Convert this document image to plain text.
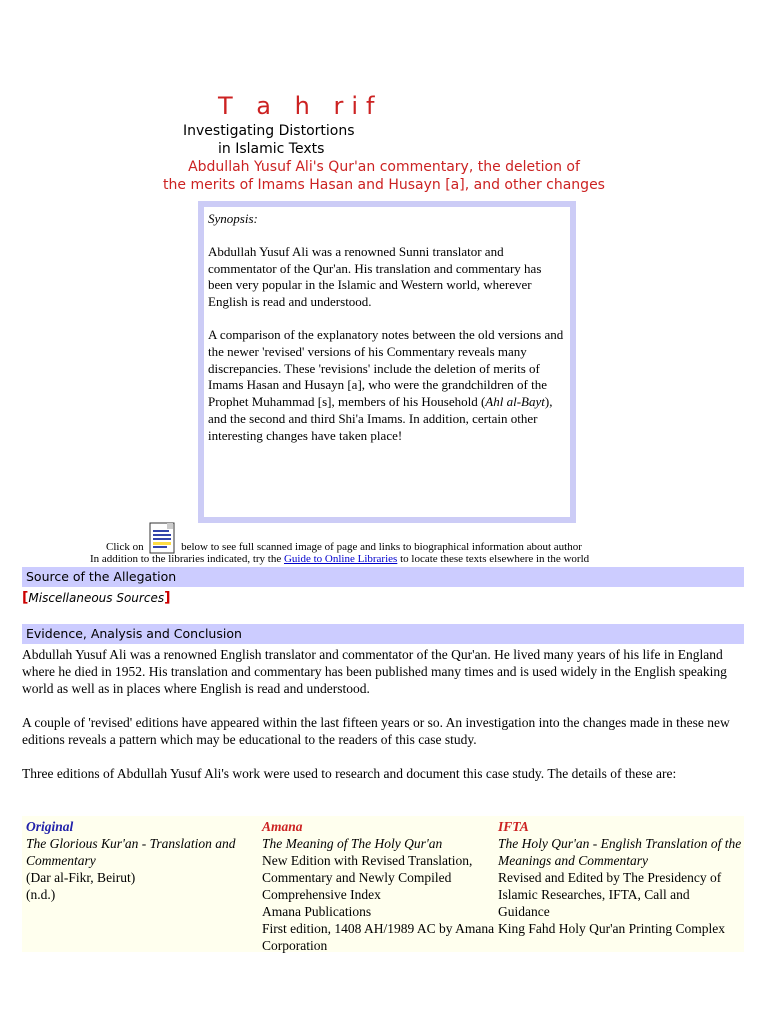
T a h rif

Investigating Distortions

in Islamic Texts

Abdullah Yusuf Ali's Qur'an commentary, the deletion of

the merits of Imams Hasan and Husayn [a], and other changes

Synopsis:

Abdullah Yusuf Ali was a renowned Sunni translator and commentator of the Qur'an. His translation and commentary has been very popular in the Islamic and Western world, wherever English is read and understood.

A comparison of the explanatory notes between the old versions and the newer 'revised' versions of his Commentary reveals many discrepancies. These 'revisions' include the deletion of merits of Imams Hasan and Husayn [a], who were the grandchildren of the Prophet Muhammad [s], members of his Household (Ahl al-Bayt), and the second and third Shi'a Imams. In addition, certain other interesting changes have taken place!

Click on	below to see full scanned image of page and links to biographical information about author
In addition to the libraries indicated, try the Guide to Online Libraries to locate these texts elsewhere in the world
Source of the Allegation
[Miscellaneous Sources]
Evidence, Analysis and Conclusion

Abdullah Yusuf Ali was a renowned English translator and commentator of the Qur'an. He lived many years of his life in England where he died in 1952. His translation and commentary has been published many times and is used widely in the English speaking world as well as in places where English is read and understood.

A couple of 'revised' editions have appeared within the last fifteen years or so. An investigation into the changes made in these new editions reveals a pattern which may be educational to the readers of this case study.

Three editions of Abdullah Yusuf Ali's work were used to research and document this case study. The details of these are:

Original
The Glorious Kur'an - Translation and Commentary
(Dar al-Fikr, Beirut)
(n.d.)
Amana
The Meaning of The Holy Qur'an
New Edition with Revised Translation, Commentary and Newly Compiled Comprehensive Index
Amana Publications
First edition, 1408 AH/1989 AC by Amana Corporation
IFTA
The Holy Qur'an - English Translation of the Meanings and Commentary
Revised and Edited by The Presidency of Islamic Researches, IFTA, Call and Guidance
King Fahd Holy Qur'an Printing Complex
